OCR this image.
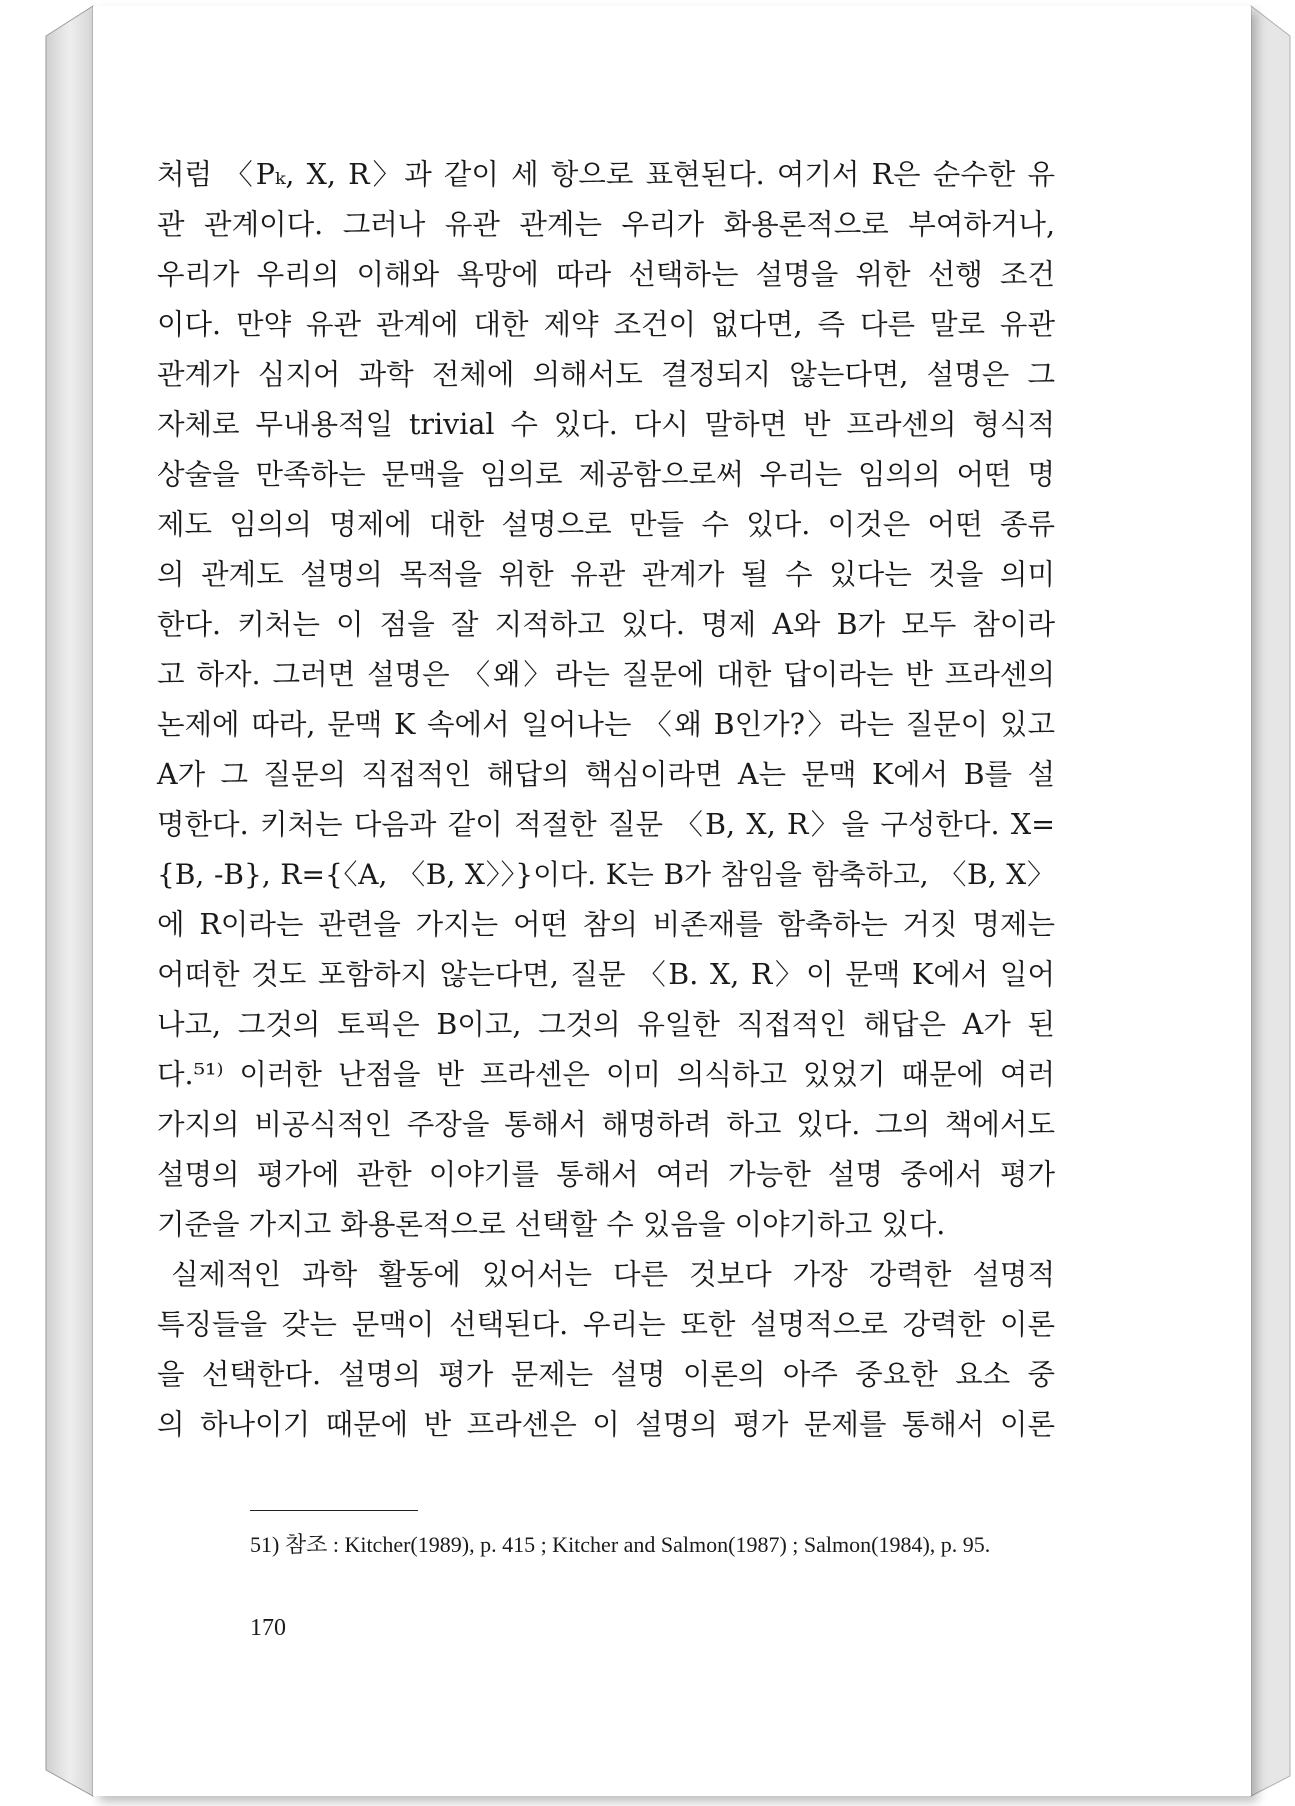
처럼 〈Pₖ, X, R〉과 같이 세 항으로 표현된다. 여기서 R은 순수한 유
관 관계이다. 그러나 유관 관계는 우리가 화용론적으로 부여하거나,
우리가 우리의 이해와 욕망에 따라 선택하는 설명을 위한 선행 조건
이다. 만약 유관 관계에 대한 제약 조건이 없다면, 즉 다른 말로 유관
관계가 심지어 과학 전체에 의해서도 결정되지 않는다면, 설명은 그
자체로 무내용적일 trivial 수 있다. 다시 말하면 반 프라센의 형식적
상술을 만족하는 문맥을 임의로 제공함으로써 우리는 임의의 어떤 명
제도 임의의 명제에 대한 설명으로 만들 수 있다. 이것은 어떤 종류
의 관계도 설명의 목적을 위한 유관 관계가 될 수 있다는 것을 의미
한다. 키처는 이 점을 잘 지적하고 있다. 명제 A와 B가 모두 참이라
고 하자. 그러면 설명은 〈왜〉라는 질문에 대한 답이라는 반 프라센의
논제에 따라, 문맥 K 속에서 일어나는 〈왜 B인가?〉라는 질문이 있고
A가 그 질문의 직접적인 해답의 핵심이라면 A는 문맥 K에서 B를 설
명한다. 키처는 다음과 같이 적절한 질문 〈B, X, R〉을 구성한다. X=
{B, -B}, R={〈A, 〈B, X〉〉}이다. K는 B가 참임을 함축하고, 〈B, X〉
에 R이라는 관련을 가지는 어떤 참의 비존재를 함축하는 거짓 명제는
어떠한 것도 포함하지 않는다면, 질문 〈B. X, R〉이 문맥 K에서 일어
나고, 그것의 토픽은 B이고, 그것의 유일한 직접적인 해답은 A가 된
다.⁵¹⁾ 이러한 난점을 반 프라센은 이미 의식하고 있었기 때문에 여러
가지의 비공식적인 주장을 통해서 해명하려 하고 있다. 그의 책에서도
설명의 평가에 관한 이야기를 통해서 여러 가능한 설명 중에서 평가
기준을 가지고 화용론적으로 선택할 수 있음을 이야기하고 있다.
실제적인 과학 활동에 있어서는 다른 것보다 가장 강력한 설명적
특징들을 갖는 문맥이 선택된다. 우리는 또한 설명적으로 강력한 이론
을 선택한다. 설명의 평가 문제는 설명 이론의 아주 중요한 요소 중
의 하나이기 때문에 반 프라센은 이 설명의 평가 문제를 통해서 이론
51) 참조 : Kitcher(1989), p. 415 ; Kitcher and Salmon(1987) ; Salmon(1984), p. 95.
170
